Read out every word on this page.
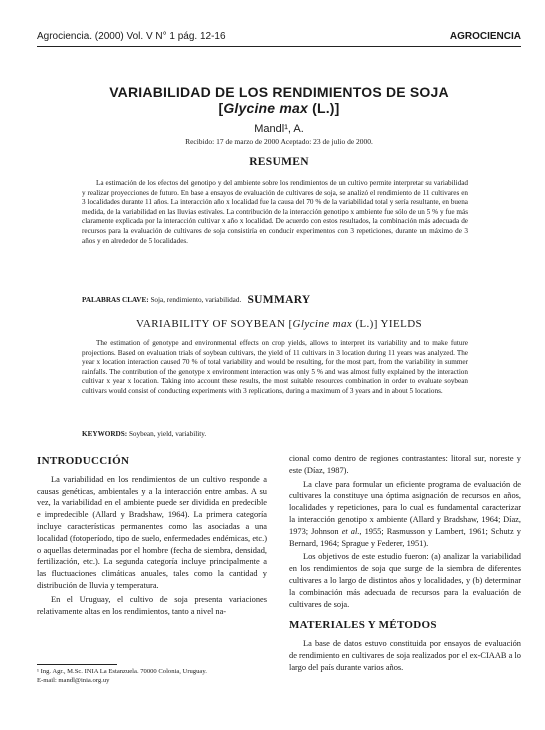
Agrociencia. (2000) Vol. V N° 1 pág. 12-16	AGROCIENCIA
VARIABILIDAD DE LOS RENDIMIENTOS DE SOJA
[Glycine max (L.)]
Mandl¹, A.
Recibido: 17 de marzo de 2000 Aceptado: 23 de julio de 2000.
RESUMEN

La estimación de los efectos del genotipo y del ambiente sobre los rendimientos de un cultivo permite interpretar su variabilidad y realizar proyecciones de futuro. En base a ensayos de evaluación de cultivares de soja, se analizó el rendimiento de 11 cultivares en 3 localidades durante 11 años. La interacción año x localidad fue la causa del 70 % de la variabilidad total y sería resultante, en buena medida, de la variabilidad en las lluvias estivales. La contribución de la interacción genotipo x ambiente fue sólo de un 5 % y fue más claramente explicada por la interacción cultivar x año x localidad. De acuerdo con estos resultados, la combinación más adecuada de recursos para la evaluación de cultivares de soja consistiría en conducir experimentos con 3 repeticiones, durante un máximo de 3 años y en alrededor de 5 localidades.

PALABRAS CLAVE: Soja, rendimiento, variabilidad. SUMMARY
VARIABILITY OF SOYBEAN [Glycine max (L.)] YIELDS

The estimation of genotype and environmental effects on crop yields, allows to interpret its variability and to make future projections. Based on evaluation trials of soybean cultivars, the yield of 11 cultivars in 3 location during 11 years was analyzed. The year x location interaction caused 70 % of total variability and would be resulting, for the most part, from the variability in summer rainfalls. The contribution of the genotype x environment interaction was only 5 % and was almost fully explained by the interaction cultivar x year x location. Taking into account these results, the most suitable resources combination in order to evaluate soybean cultivars would consist of conducting experiments with 3 replications, during a maximum of 3 years and in about 5 locations.

KEYWORDS: Soybean, yield, variability.
INTRODUCCIÓN

La variabilidad en los rendimientos de un cultivo responde a causas genéticas, ambientales y a la interacción entre ambas. A su vez, la variabilidad en el ambiente puede ser dividida en predecible e impredecible (Allard y Bradshaw, 1964). La primera categoría incluye características permanentes como las asociadas a una localidad (fotoperíodo, tipo de suelo, enfermedades endémicas, etc.) o aquellas determinadas por el hombre (fecha de siembra, densidad, fertilización, etc.). La segunda categoría incluye principalmente a las fluctuaciones climáticas anuales, tales como la cantidad y distribución de lluvia y temperatura.

En el Uruguay, el cultivo de soja presenta variaciones relativamente altas en los rendimientos, tanto a nivel na-

cional como dentro de regiones contrastantes: litoral sur, noreste y este (Díaz, 1987).

La clave para formular un eficiente programa de evaluación de cultivares la constituye una óptima asignación de recursos en años, localidades y repeticiones, para lo cual es fundamental caracterizar la interacción genotipo x ambiente (Allard y Bradshaw, 1964; Díaz, 1973; Johnson et al., 1955; Rasmusson y Lambert, 1961; Schutz y Bernard, 1964; Sprague y Federer, 1951).

Los objetivos de este estudio fueron: (a) analizar la variabilidad en los rendimientos de soja que surge de la siembra de diferentes cultivares a lo largo de distintos años y localidades, y (b) determinar la combinación más adecuada de recursos para la evaluación de cultivares de soja.

MATERIALES Y MÉTODOS

La base de datos estuvo constituida por ensayos de evaluación de rendimiento en cultivares de soja realizados por el ex-CIAAB a lo largo del país durante varios años.

¹ Ing. Agr., M.Sc. INIA La Estanzuela. 70000 Colonia, Uruguay.
E-mail: mandl@inia.org.uy
